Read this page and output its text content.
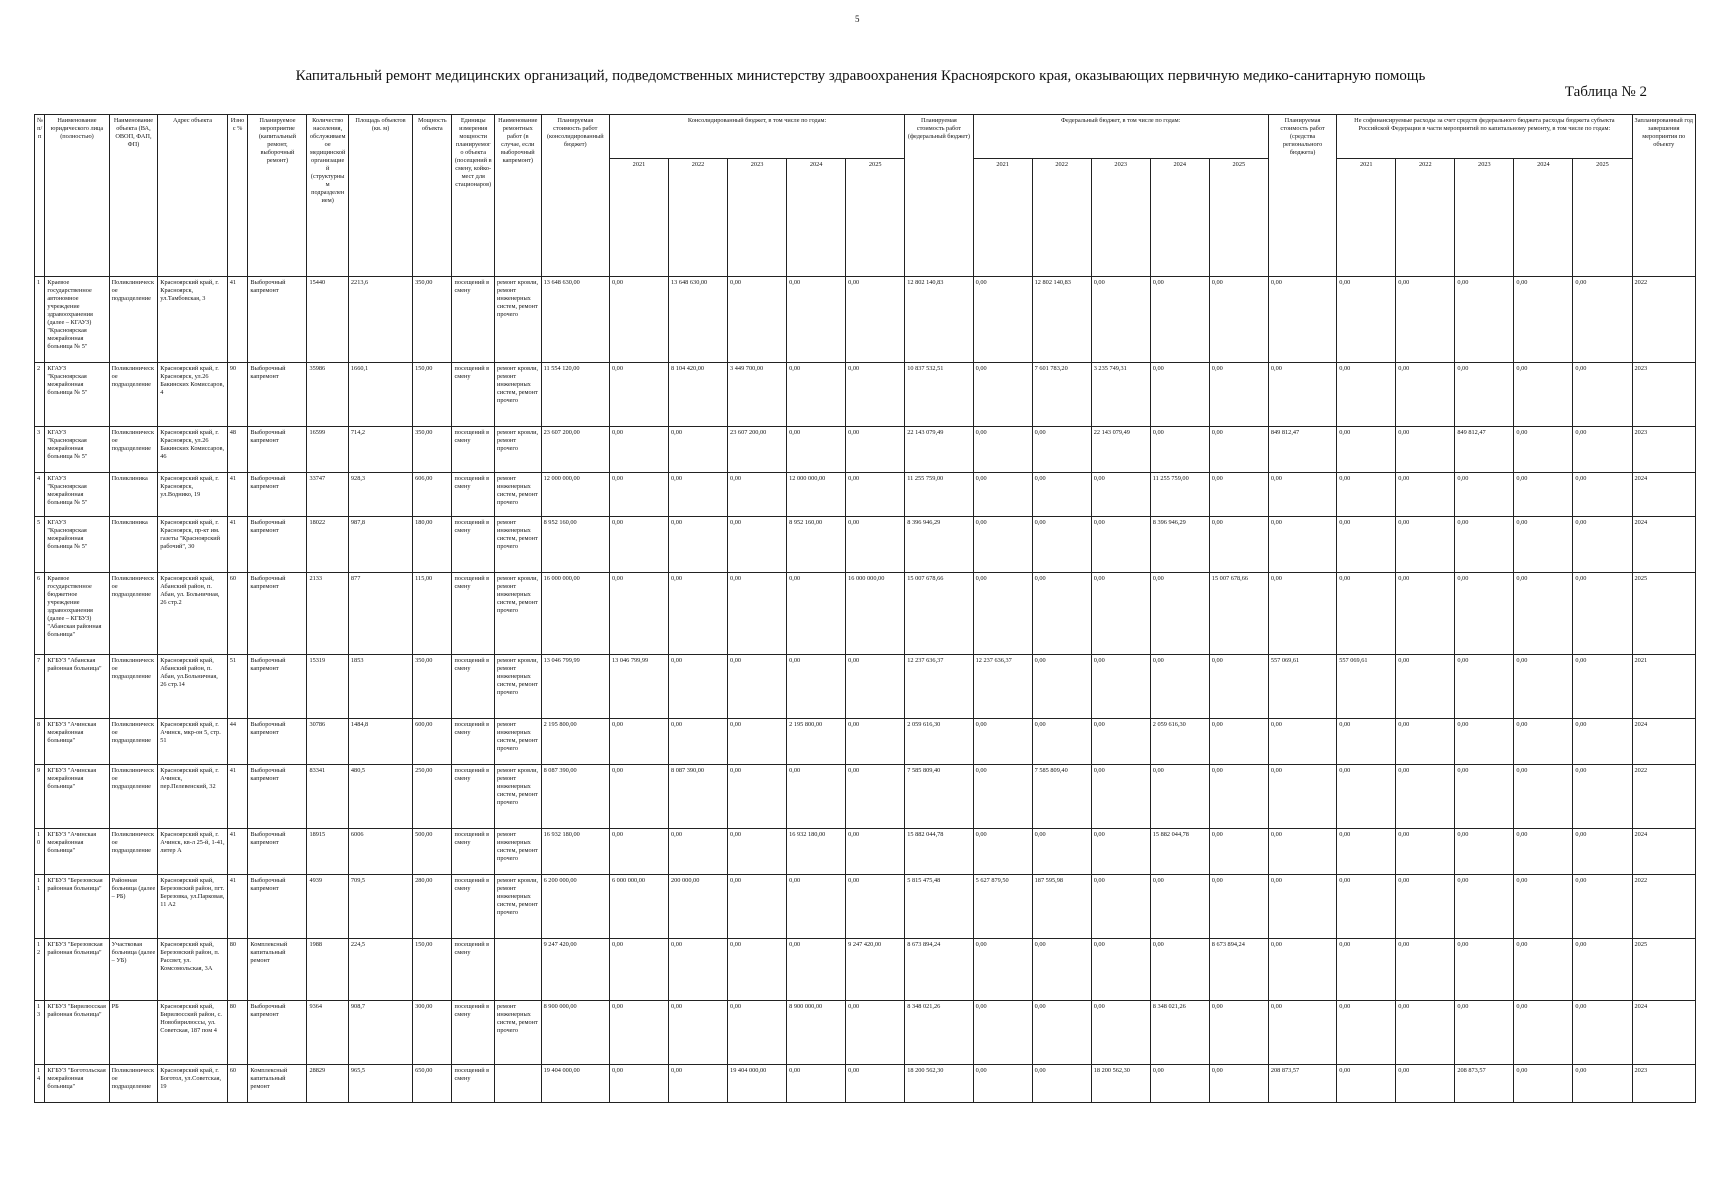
5
Капитальный ремонт медицинских организаций, подведомственных министерству здравоохранения Красноярского края, оказывающих первичную медико-санитарную помощь
Таблица № 2
№ п/п	Наименование юридического лица (полностью)	Наименование объекта (ВА, ОВОП, ФАП, ФП)	Адрес объекта	Износ %	Планируемое мероприятие (капитальный ремонт, выборочный ремонт)	Количество населения, обслуживаемое медицинской организацией (структурным подразделением)	Площадь объектов (кв. м)	Мощность объекта	Единицы измерения мощности планируемого объекта (посещений в смену, койко-мест для стационаров)	Наименование ремонтных работ (в случае, если выборочный капремонт)	Планируемая стоимость работ (консолидированный бюджет)	Консолидированный бюджет, в том числе по годам:					Планируемая стоимость работ (федеральный бюджет)	Федеральный бюджет, в том числе по годам:					Планируемая стоимость работ (средства регионального бюджета)	Не софинансируемые расходы за счет средств федерального бюджета расходы бюджета субъекта Российской Федерации в части мероприятий по капитальному ремонту, в том числе по годам:					Запланированный год завершения мероприятия по объекту
												2021	2022	2023	2024	2025		2021	2022	2023	2024	2025		2021	2022	2023	2024	2025	
1	Краевое государственное автономное учреждение здравоохранения (далее – КГАУЗ) "Красноярская межрайонная больница № 5"	Поликлиническое подразделение	Красноярский край, г. Красноярск, ул.Тамбовская, 3	41	Выборочный капремонт	15440	2213,6	350,00	посещений в смену	ремонт кровли, ремонт инженерных систем, ремонт прочего	13 648 630,00	0,00	13 648 630,00	0,00	0,00	0,00	12 802 140,83	0,00	12 802 140,83	0,00	0,00	0,00	0,00	0,00	0,00	0,00	0,00	0,00	2022
2	КГАУЗ "Красноярская межрайонная больница № 5"	Поликлиническое подразделение	Красноярский край, г. Красноярск, ул.26 Бакинских Комиссаров, 4	90	Выборочный капремонт	35986	1660,1	150,00	посещений в смену	ремонт кровли, ремонт инженерных систем, ремонт прочего	11 554 120,00	0,00	8 104 420,00	3 449 700,00	0,00	0,00	10 837 532,51	0,00	7 601 783,20	3 235 749,31	0,00	0,00	0,00	0,00	0,00	0,00	0,00	0,00	2023
3	КГАУЗ "Красноярская межрайонная больница № 5"	Поликлиническое подразделение	Красноярский край, г. Красноярск, ул.26 Бакинских Комиссаров, 46	48	Выборочный капремонт	16599	714,2	350,00	посещений в смену	ремонт кровли, ремонт прочего	23 607 200,00	0,00	0,00	23 607 200,00	0,00	0,00	22 143 079,49	0,00	0,00	22 143 079,49	0,00	0,00	849 812,47	0,00	0,00	849 812,47	0,00	0,00	2023
4	КГАУЗ "Красноярская межрайонная больница № 5"	Поликлиника	Красноярский край, г. Красноярск, ул.Воднико, 19	41	Выборочный капремонт	33747	928,3	606,00	посещений в смену	ремонт инженерных систем, ремонт прочего	12 000 000,00	0,00	0,00	0,00	12 000 000,00	0,00	11 255 759,00	0,00	0,00	0,00	11 255 759,00	0,00	0,00	0,00	0,00	0,00	0,00	0,00	2024
5	КГАУЗ "Красноярская межрайонная больница № 5"	Поликлиника	Красноярский край, г. Красноярск, пр-кт им. газеты "Красноярский рабочий", 30	41	Выборочный капремонт	18022	987,8	180,00	посещений в смену	ремонт инженерных систем, ремонт прочего	8 952 160,00	0,00	0,00	0,00	8 952 160,00	0,00	8 396 946,29	0,00	0,00	0,00	8 396 946,29	0,00	0,00	0,00	0,00	0,00	0,00	0,00	2024
6	Краевое государственное бюджетное учреждение здравоохранения (далее – КГБУЗ) "Абанская районная больница"	Поликлиническое подразделение	Красноярский край, Абанский район, п. Абан, ул. Больничная, 26 стр.2	60	Выборочный капремонт	2133	877	115,00	посещений в смену	ремонт кровли, ремонт инженерных систем, ремонт прочего	16 000 000,00	0,00	0,00	0,00	0,00	16 000 000,00	15 007 678,66	0,00	0,00	0,00	0,00	15 007 678,66	0,00	0,00	0,00	0,00	0,00	0,00	2025
7	КГБУЗ "Абанская районная больница"	Поликлиническое подразделение	Красноярский край, Абанский район, п. Абан, ул.Больничная, 26 стр.14	51	Выборочный капремонт	15319	1853	350,00	посещений в смену	ремонт кровли, ремонт инженерных систем, ремонт прочего	13 046 799,99	13 046 799,99	0,00	0,00	0,00	0,00	12 237 636,37	12 237 636,37	0,00	0,00	0,00	0,00	557 069,61	557 069,61	0,00	0,00	0,00	0,00	2021
8	КГБУЗ "Ачинская межрайонная больница"	Поликлиническое подразделение	Красноярский край, г. Ачинск, мкр-он 5, стр. 51	44	Выборочный капремонт	30786	1484,8	600,00	посещений в смену	ремонт инженерных систем, ремонт прочего	2 195 800,00	0,00	0,00	0,00	2 195 800,00	0,00	2 059 616,30	0,00	0,00	0,00	2 059 616,30	0,00	0,00	0,00	0,00	0,00	0,00	0,00	2024
9	КГБУЗ "Ачинская межрайонная больница"	Поликлиническое подразделение	Красноярский край, г. Ачинск, пер.Пелевенский, 32	41	Выборочный капремонт	83341	480,5	250,00	посещений в смену	ремонт кровли, ремонт инженерных систем, ремонт прочего	8 087 390,00	0,00	8 087 390,00	0,00	0,00	0,00	7 585 809,40	0,00	7 585 809,40	0,00	0,00	0,00	0,00	0,00	0,00	0,00	0,00	0,00	2022
10	КГБУЗ "Ачинская межрайонная больница"	Поликлиническое подразделение	Красноярский край, г. Ачинск, кв-л 25-й, 1-41, литер А	41	Выборочный капремонт	18915	6006	500,00	посещений в смену	ремонт инженерных систем, ремонт прочего	16 932 180,00	0,00	0,00	0,00	16 932 180,00	0,00	15 882 044,78	0,00	0,00	0,00	15 882 044,78	0,00	0,00	0,00	0,00	0,00	0,00	0,00	2024
11	КГБУЗ "Березовская районная больница"	Районная больница (далее – РБ)	Красноярский край, Березовский район, пгт. Березовка, ул.Парковая, 11 А2	41	Выборочный капремонт	4939	709,5	280,00	посещений в смену	ремонт кровли, ремонт инженерных систем, ремонт прочего	6 200 000,00	6 000 000,00	200 000,00	0,00	0,00	0,00	5 815 475,48	5 627 879,50	187 595,98	0,00	0,00	0,00	0,00	0,00	0,00	0,00	0,00	0,00	2022
12	КГБУЗ "Березовская районная больница"	Участковая больница (далее – УБ)	Красноярский край, Березовский район, п. Рассвет, ул. Комсомольская, 3А	80	Комплексный капитальный ремонт	1988	224,5	150,00	посещений в смену		9 247 420,00	0,00	0,00	0,00	0,00	9 247 420,00	8 673 894,24	0,00	0,00	0,00	0,00	8 673 894,24	0,00	0,00	0,00	0,00	0,00	0,00	2025
13	КГБУЗ "Бирилюсская районная больница"	РБ	Красноярский край, Бирилюсский район, с. Новобирилюссы, ул. Советская, 187 пом 4	80	Выборочный капремонт	9364	908,7	300,00	посещений в смену	ремонт инженерных систем, ремонт прочего	8 900 000,00	0,00	0,00	0,00	8 900 000,00	0,00	8 348 021,26	0,00	0,00	0,00	8 348 021,26	0,00	0,00	0,00	0,00	0,00	0,00	0,00	2024
14	КГБУЗ "Боготольская межрайонная больница"	Поликлиническое подразделение	Красноярский край, г. Боготол, ул.Советская, 19	60	Комплексный капитальный ремонт	28829	965,5	650,00	посещений в смену		19 404 000,00	0,00	0,00	19 404 000,00	0,00	0,00	18 200 562,30	0,00	0,00	18 200 562,30	0,00	0,00	208 873,57	0,00	0,00	208 873,57	0,00	0,00	2023
